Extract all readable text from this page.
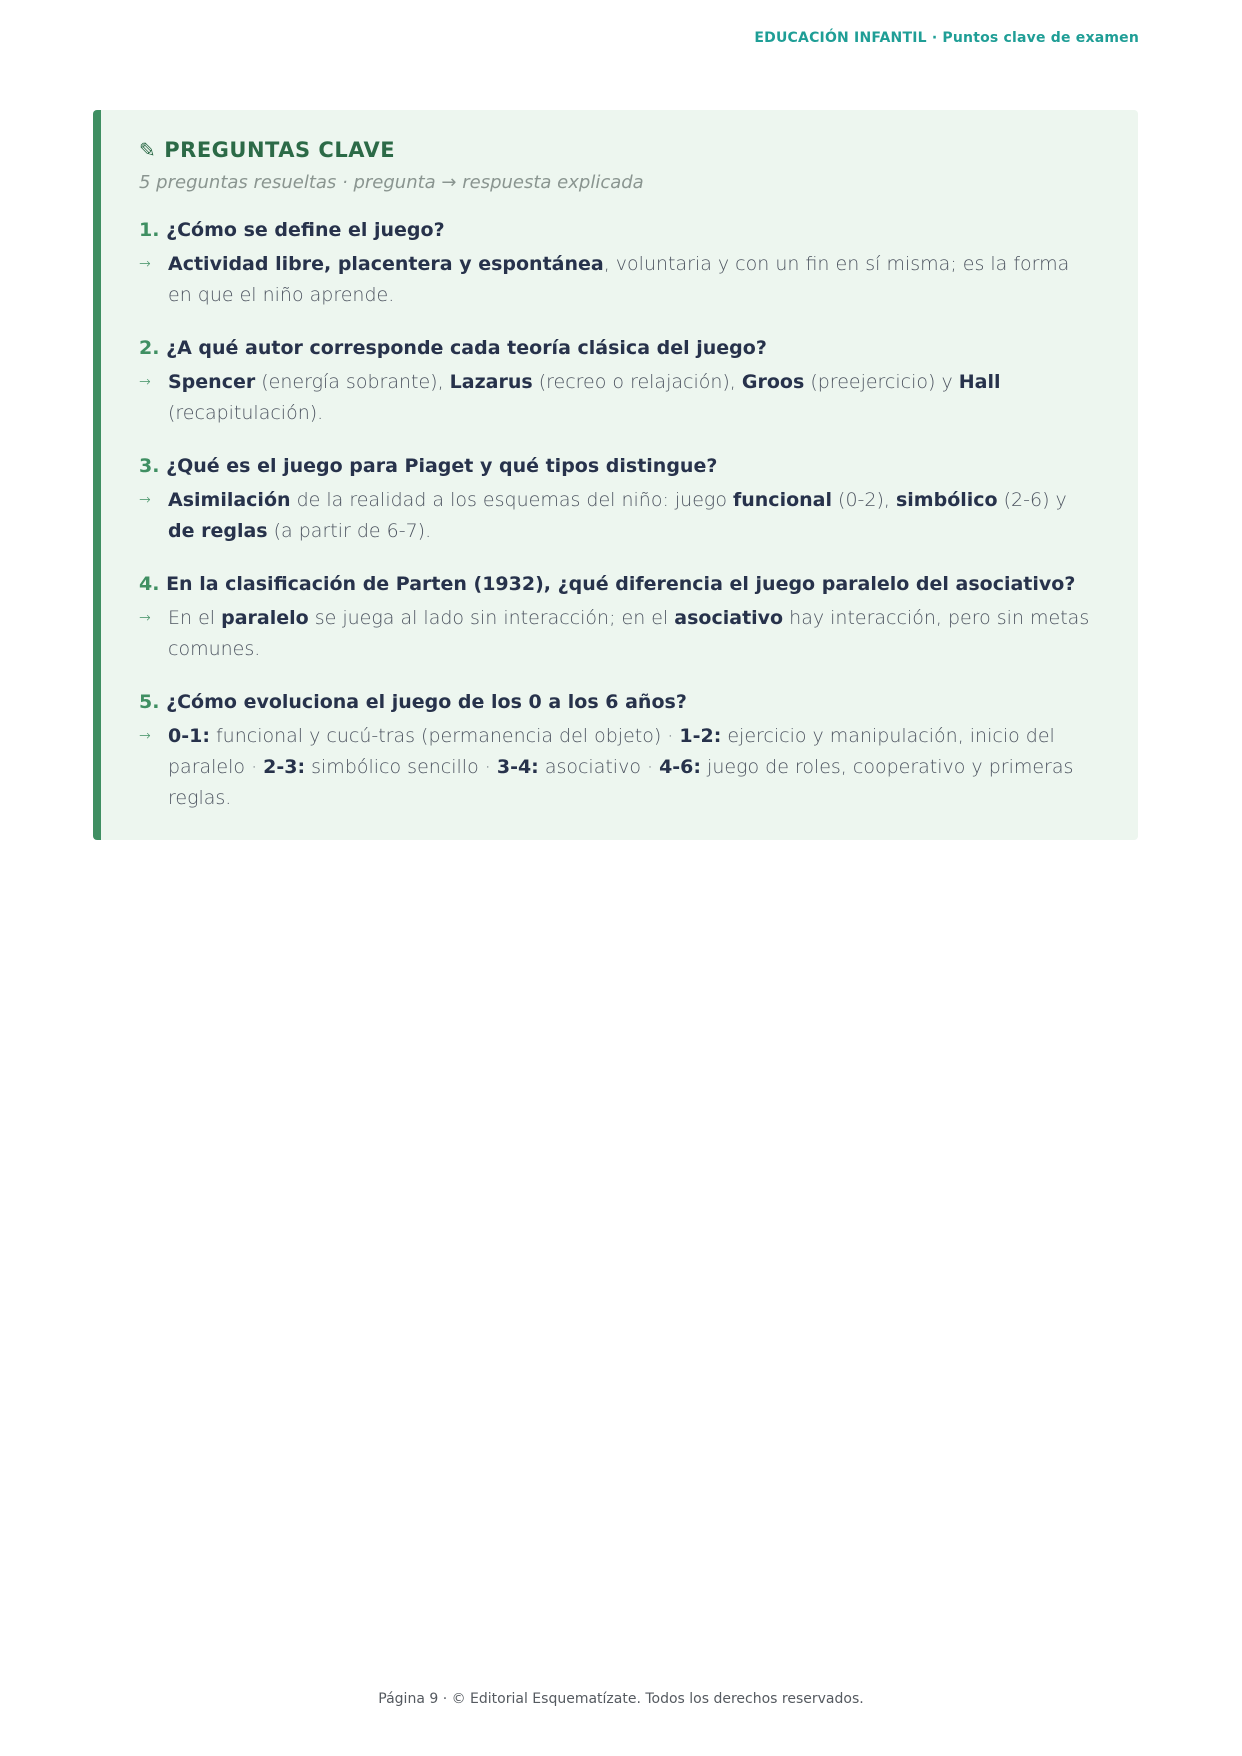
EDUCACIÓN INFANTIL · Puntos clave de examen
✎ PREGUNTAS CLAVE
5 preguntas resueltas · pregunta → respuesta explicada
1. ¿Cómo se define el juego?
→ Actividad libre, placentera y espontánea, voluntaria y con un fin en sí misma; es la forma en que el niño aprende.
2. ¿A qué autor corresponde cada teoría clásica del juego?
→ Spencer (energía sobrante), Lazarus (recreo o relajación), Groos (preejercicio) y Hall (recapitulación).
3. ¿Qué es el juego para Piaget y qué tipos distingue?
→ Asimilación de la realidad a los esquemas del niño: juego funcional (0-2), simbólico (2-6) y de reglas (a partir de 6-7).
4. En la clasificación de Parten (1932), ¿qué diferencia el juego paralelo del asociativo?
→ En el paralelo se juega al lado sin interacción; en el asociativo hay interacción, pero sin metas comunes.
5. ¿Cómo evoluciona el juego de los 0 a los 6 años?
→ 0-1: funcional y cucú-tras (permanencia del objeto) · 1-2: ejercicio y manipulación, inicio del paralelo · 2-3: simbólico sencillo · 3-4: asociativo · 4-6: juego de roles, cooperativo y primeras reglas.
Página 9 · © Editorial Esquematízate. Todos los derechos reservados.
